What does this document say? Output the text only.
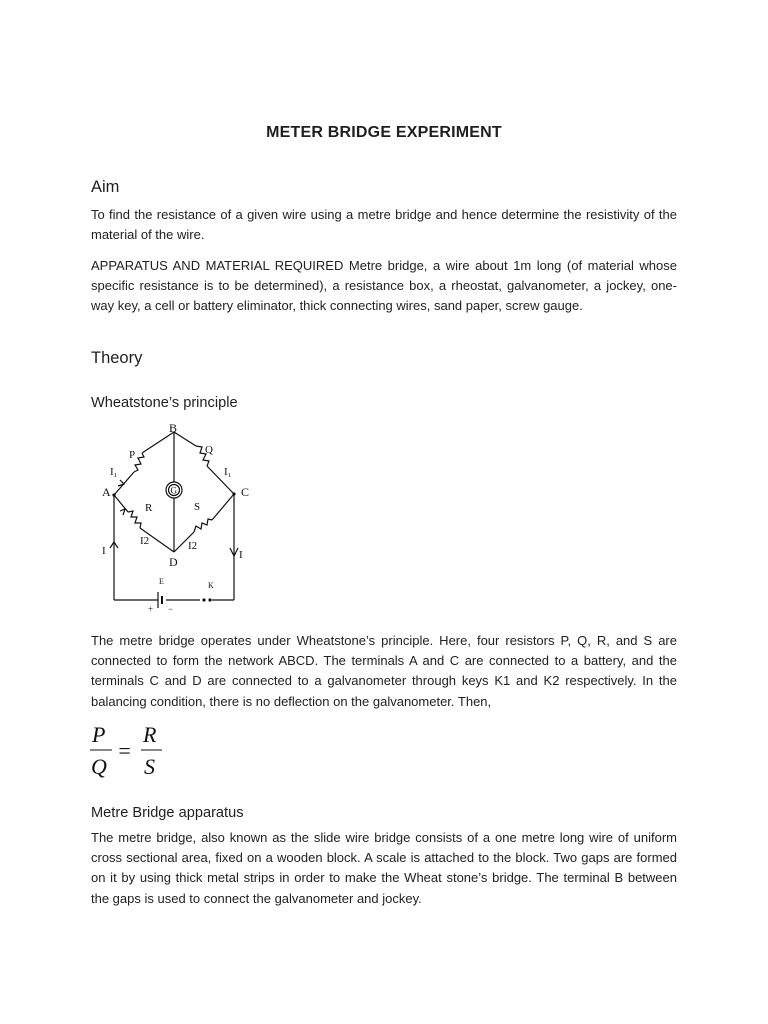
METER BRIDGE EXPERIMENT
Aim
To find the resistance of a given wire using a metre bridge and hence determine the resistivity of the material of the wire.
APPARATUS AND MATERIAL REQUIRED Metre bridge, a wire about 1m long (of material whose specific resistance is to be determined), a resistance box, a rheostat, galvanometer, a jockey, one-way key, a cell or battery eliminator, thick connecting wires, sand paper, screw gauge.
Theory
Wheatstone’s principle
B
A	C
D
P	Q
R	S
G
I₁	I₁
I2	I2
I	I
E	K
+ −
The metre bridge operates under Wheatstone’s principle. Here, four resistors P, Q, R, and S are connected to form the network ABCD. The terminals A and C are connected to a battery, and the terminals C and D are connected to a galvanometer through keys K1 and K2 respectively. In the balancing condition, there is no deflection on the galvanometer. Then,
P
Q
=
R
S
Metre Bridge apparatus
The metre bridge, also known as the slide wire bridge consists of a one metre long wire of uniform cross sectional area, fixed on a wooden block. A scale is attached to the block. Two gaps are formed on it by using thick metal strips in order to make the Wheat stone’s bridge. The terminal B between the gaps is used to connect the galvanometer and jockey.
